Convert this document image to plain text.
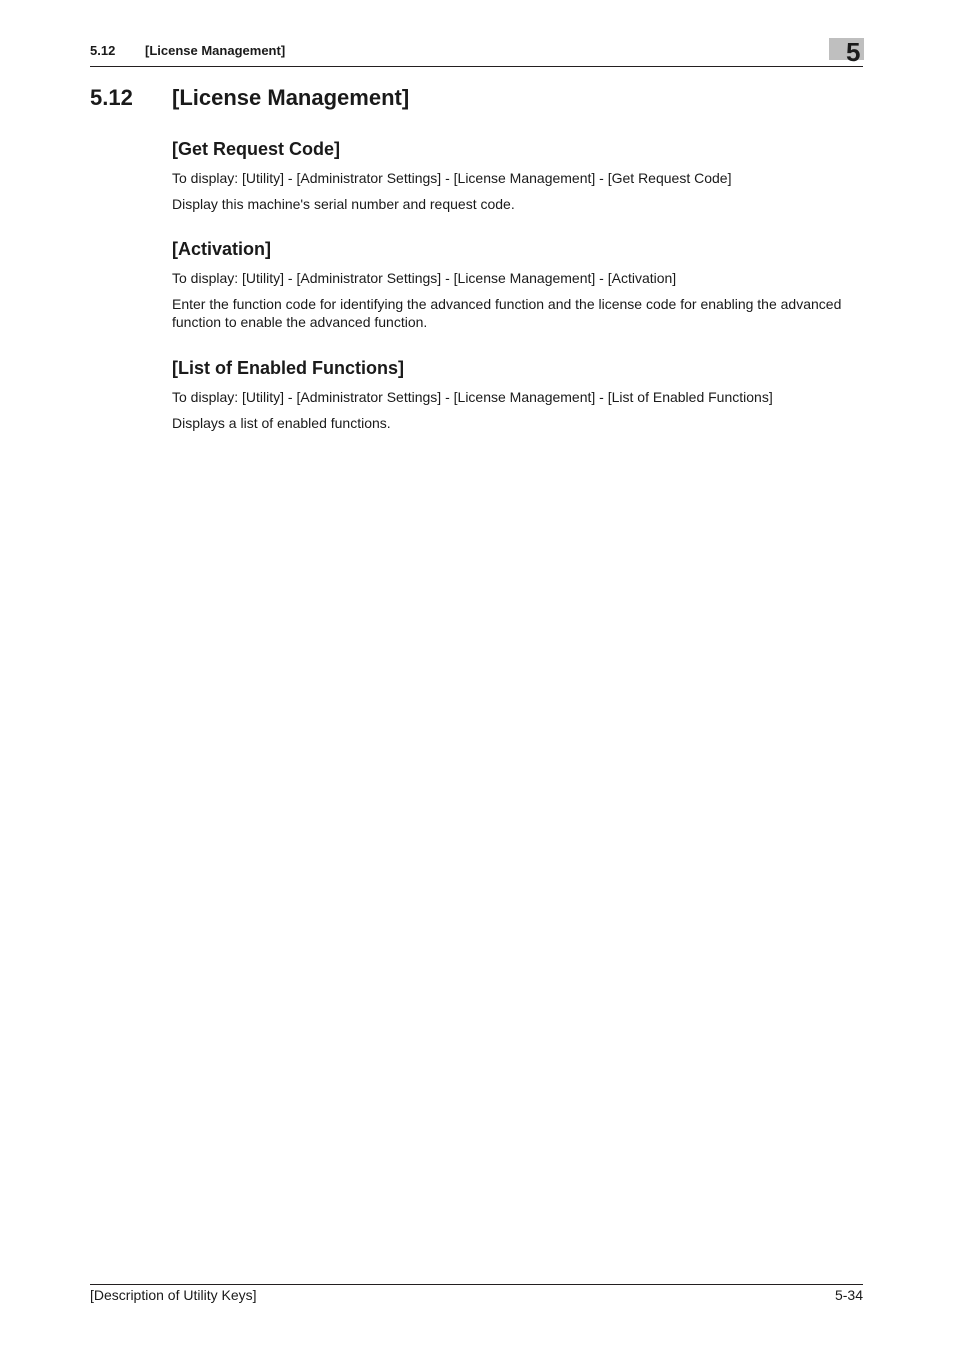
5.12 [License Management]	5
5.12 [License Management]
[Get Request Code]

To display: [Utility] - [Administrator Settings] - [License Management] - [Get Request Code]

Display this machine's serial number and request code.

[Activation]

To display: [Utility] - [Administrator Settings] - [License Management] - [Activation]

Enter the function code for identifying the advanced function and the license code for enabling the advanced function to enable the advanced function.

[List of Enabled Functions]

To display: [Utility] - [Administrator Settings] - [License Management] - [List of Enabled Functions]

Displays a list of enabled functions.

[Description of Utility Keys]	5-34
